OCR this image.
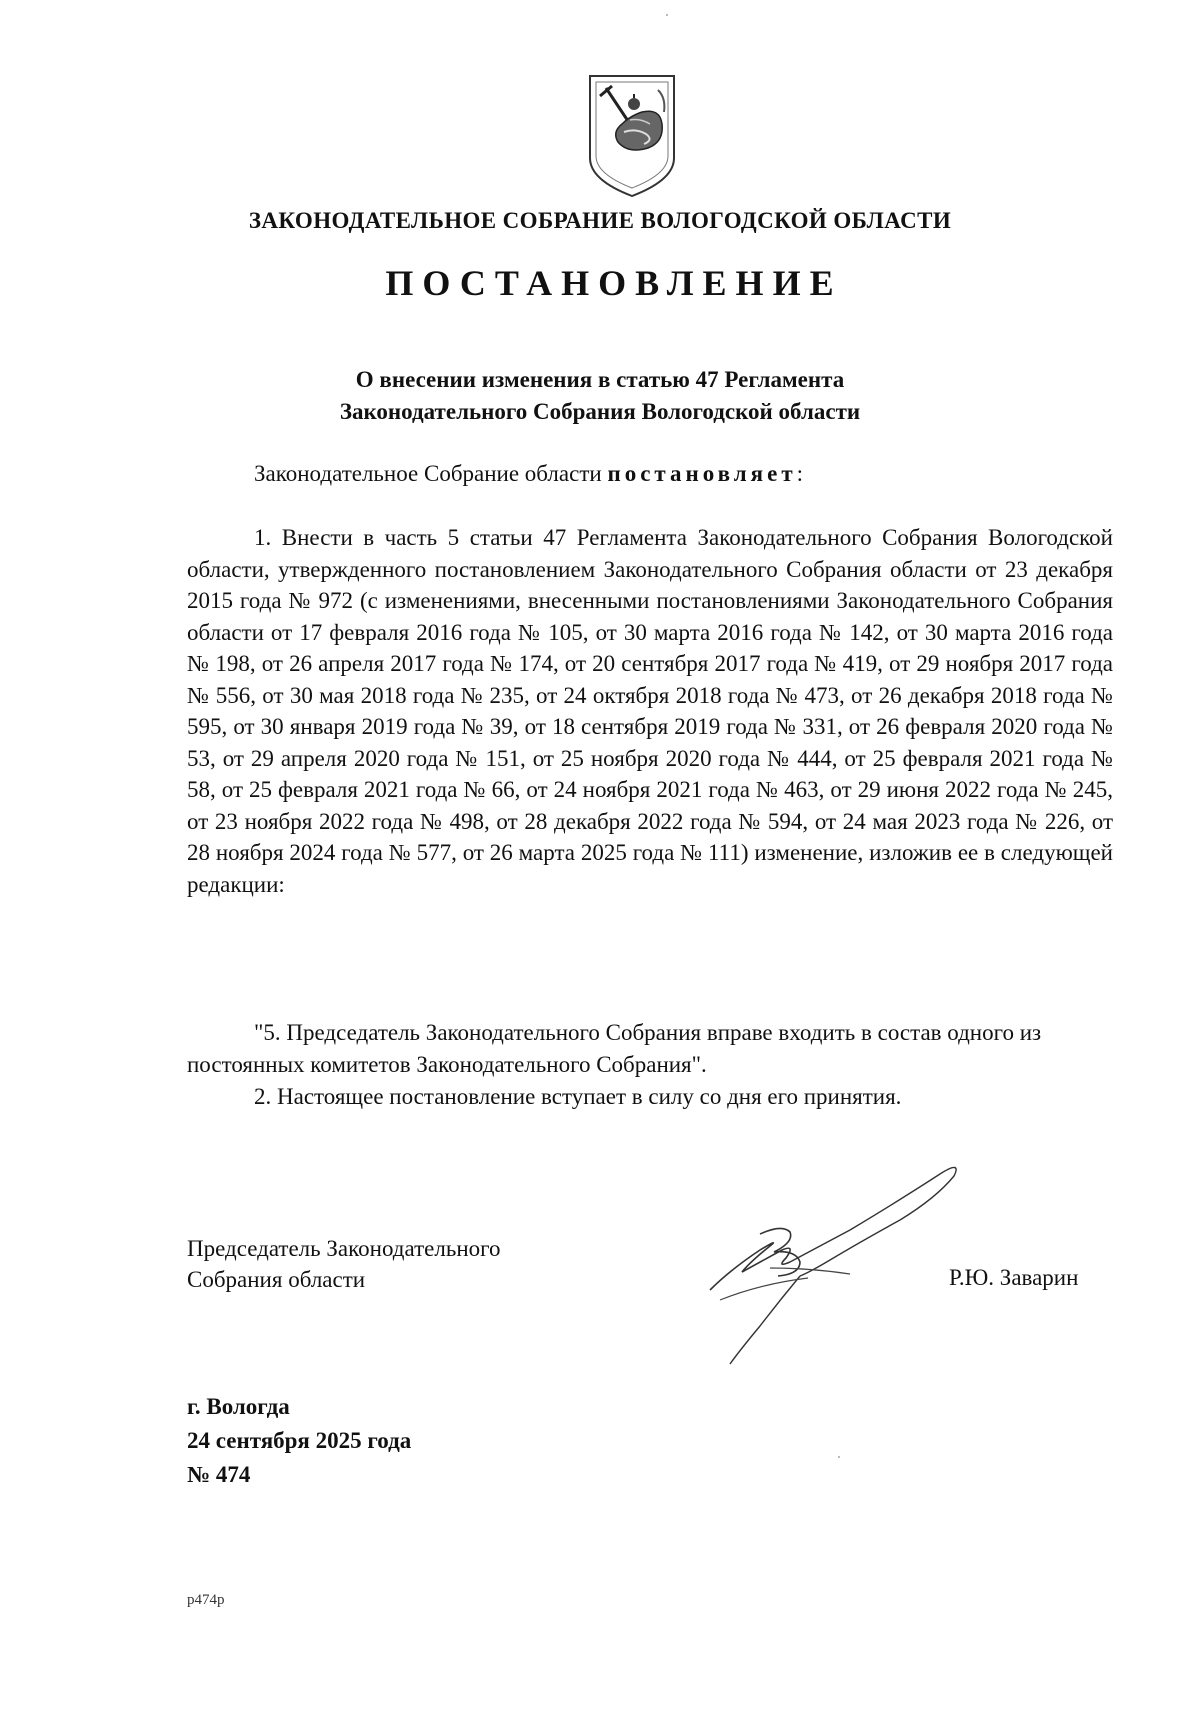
ЗАКОНОДАТЕЛЬНОЕ СОБРАНИЕ ВОЛОГОДСКОЙ ОБЛАСТИ
ПОСТАНОВЛЕНИЕ
О внесении изменения в статью 47 Регламента
Законодательного Собрания Вологодской области
Законодательное Собрание области постановляет:
1. Внести в часть 5 статьи 47 Регламента Законодательного Собрания Вологодской области, утвержденного постановлением Законодательного Собрания области от 23 декабря 2015 года № 972 (с изменениями, внесенными постановлениями Законодательного Собрания области от 17 февраля 2016 года № 105, от 30 марта 2016 года № 142, от 30 марта 2016 года № 198, от 26 апреля 2017 года № 174, от 20 сентября 2017 года № 419, от 29 ноября 2017 года № 556, от 30 мая 2018 года № 235, от 24 октября 2018 года № 473, от 26 декабря 2018 года № 595, от 30 января 2019 года № 39, от 18 сентября 2019 года № 331, от 26 февраля 2020 года № 53, от 29 апреля 2020 года № 151, от 25 ноября 2020 года № 444, от 25 февраля 2021 года № 58, от 25 февраля 2021 года № 66, от 24 ноября 2021 года № 463, от 29 июня 2022 года № 245, от 23 ноября 2022 года № 498, от 28 декабря 2022 года № 594, от 24 мая 2023 года № 226, от 28 ноября 2024 года № 577, от 26 марта 2025 года № 111) изменение, изложив ее в следующей редакции:
"5. Председатель Законодательного Собрания вправе входить в состав одного из постоянных комитетов Законодательного Собрания".
2. Настоящее постановление вступает в силу со дня его принятия.
Председатель Законодательного
Собрания области	Р.Ю. Заварин
г. Вологда
24 сентября 2025 года
№ 474
р474р
